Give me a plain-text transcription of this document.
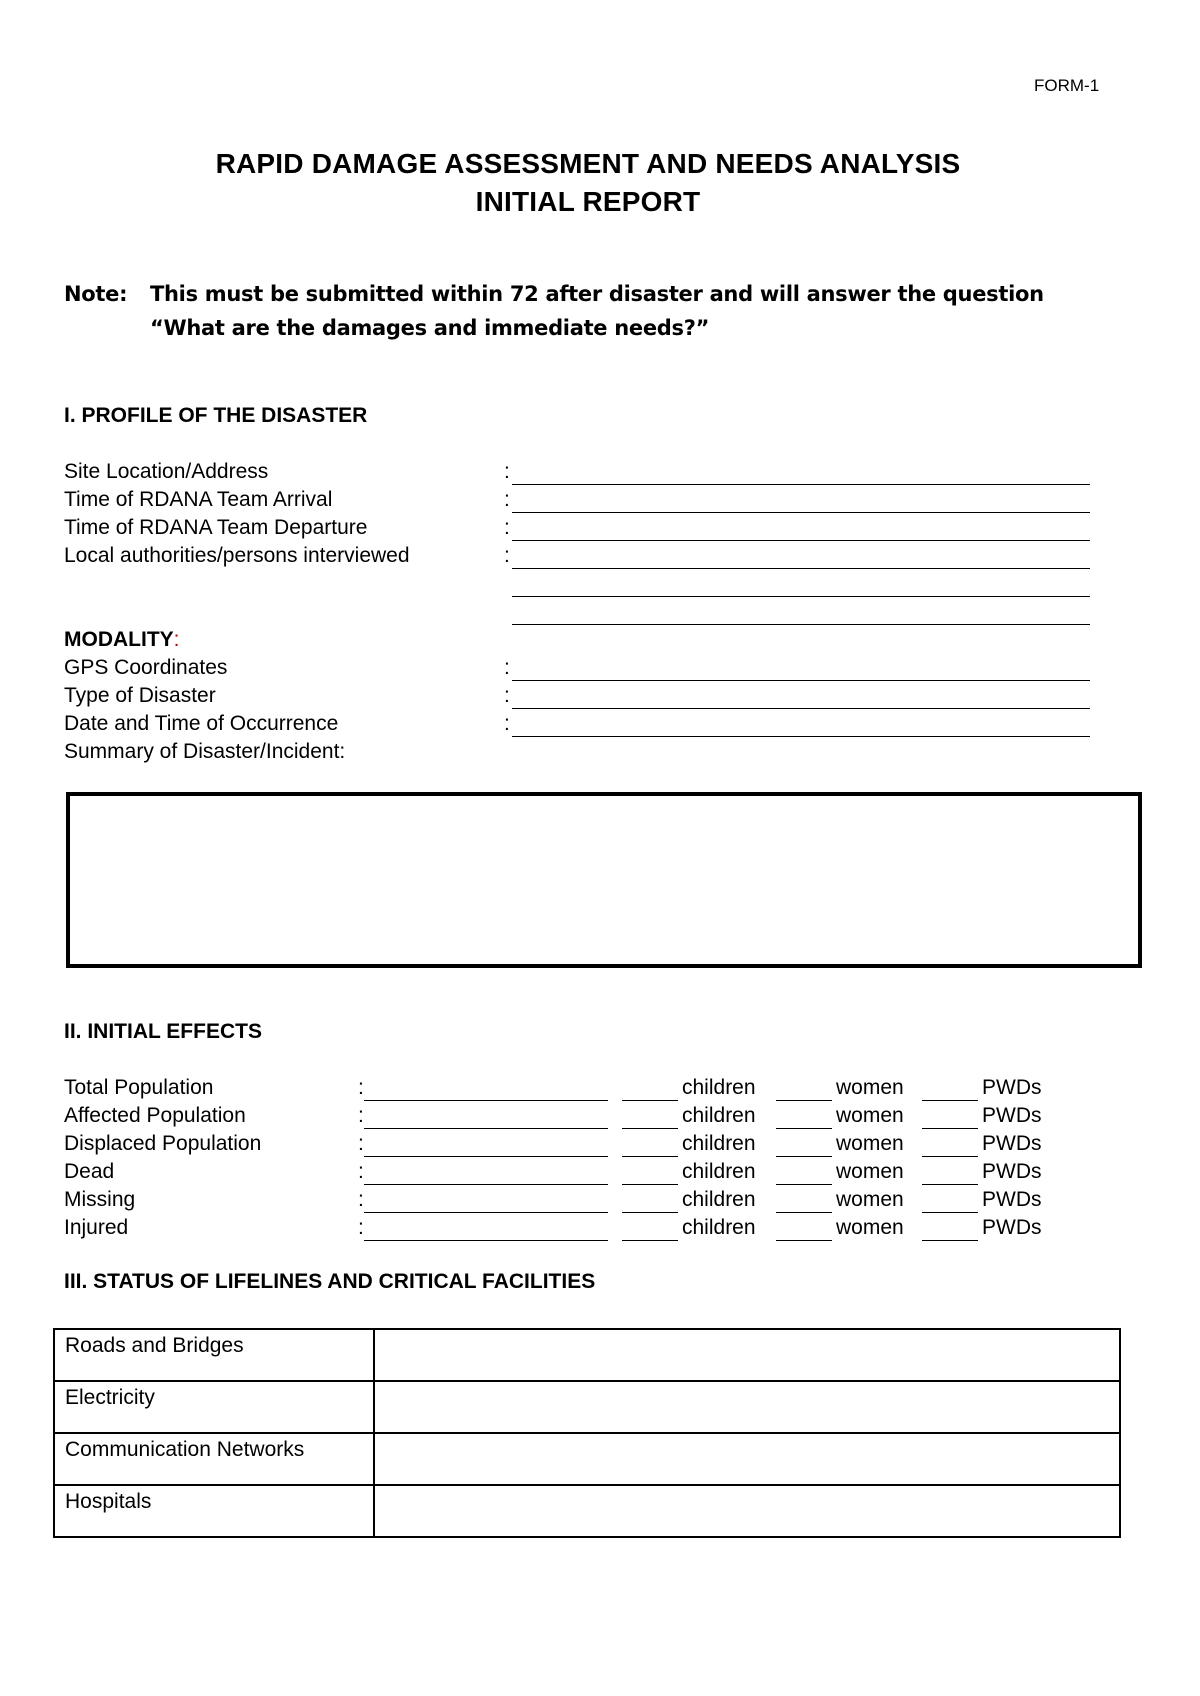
FORM-1
RAPID DAMAGE ASSESSMENT AND NEEDS ANALYSIS
INITIAL REPORT
Note: This must be submitted within 72 after disaster and will answer the question
“What are the damages and immediate needs?”
I. PROFILE OF THE DISASTER
Site Location/Address	:
Time of RDANA Team Arrival	:
Time of RDANA Team Departure	:
Local authorities/persons interviewed	:
MODALITY:
GPS Coordinates	:
Type of Disaster	:
Date and Time of Occurrence	:
Summary of Disaster/Incident:
II. INITIAL EFFECTS
Total Population	:	children	women	PWDs
Affected Population	:	children	women	PWDs
Displaced Population	:	children	women	PWDs
Dead	:	children	women	PWDs
Missing	:	children	women	PWDs
Injured	:	children	women	PWDs
III. STATUS OF LIFELINES AND CRITICAL FACILITIES
Roads and Bridges	
Electricity	
Communication Networks	
Hospitals	
